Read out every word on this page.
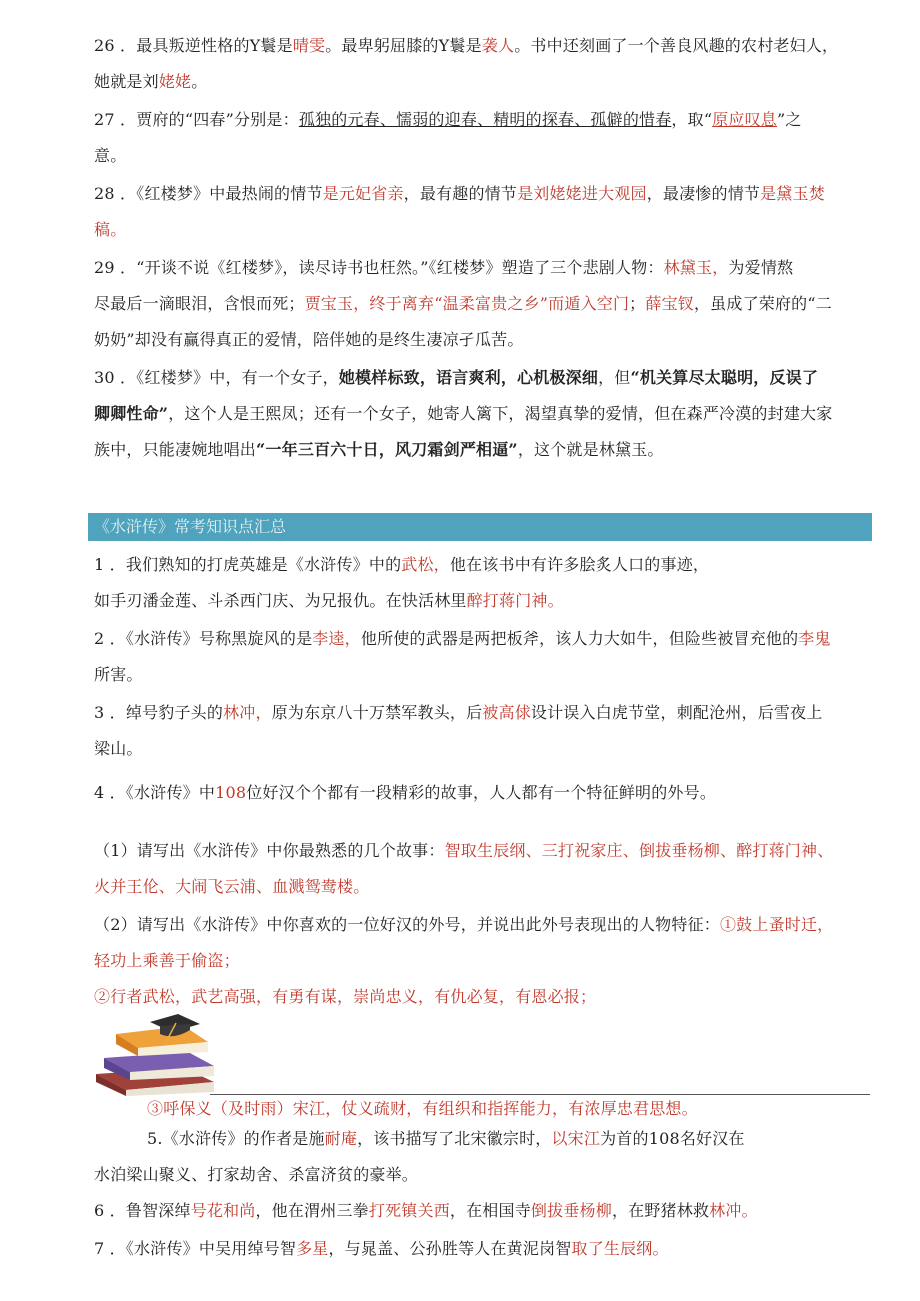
26 ．最具叛逆性格的Y鬟是晴雯。最卑躬屈膝的Y鬟是袭人。书中还刻画了一个善良风趣的农村老妇人，
她就是刘姥姥。
27 ．贾府的“四春”分别是：孤独的元春、懦弱的迎春、精明的探春、孤僻的惜春，取“原应叹息”之
意。
28 ．《红楼梦》中最热闹的情节是元妃省亲，最有趣的情节是刘姥姥进大观园，最凄惨的情节是黛玉焚
稿。
29 ．“开谈不说《红楼梦》，读尽诗书也枉然。”《红楼梦》塑造了三个悲剧人物：林黛玉，为爱情熬
尽最后一滴眼泪，含恨而死；贾宝玉，终于离弃“温柔富贵之乡”而遁入空门；薛宝钗，虽成了荣府的“二
奶奶”却没有赢得真正的爱情，陪伴她的是终生凄凉孑瓜苦。
30 ．《红楼梦》中，有一个女子，她模样标致，语言爽利，心机极深细，但“机关算尽太聪明，反误了
卿卿性命”，这个人是王熙凤；还有一个女子，她寄人篱下，渴望真挚的爱情，但在森严冷漠的封建大家
族中，只能凄婉地唱出“一年三百六十日，风刀霜剑严相逼”，这个就是林黛玉。
《水浒传》常考知识点汇总
1 ．我们熟知的打虎英雄是《水浒传》中的武松，他在该书中有许多脍炙人口的事迹，
如手刃潘金莲、斗杀西门庆、为兄报仇。在快活林里醉打蒋门神。
2 ．《水浒传》号称黑旋风的是李逵，他所使的武器是两把板斧，该人力大如牛，但险些被冒充他的李鬼
所害。
3 ．绰号豹子头的林冲，原为东京八十万禁军教头，后被高俅设计误入白虎节堂，刺配沧州，后雪夜上
梁山。
4 ．《水浒传》中108位好汉个个都有一段精彩的故事，人人都有一个特征鲜明的外号。
（1）请写出《水浒传》中你最熟悉的几个故事：智取生辰纲、三打祝家庄、倒拔垂杨柳、醉打蒋门神、
火并王伦、大闹飞云浦、血溅鸳鸯楼。
（2）请写出《水浒传》中你喜欢的一位好汉的外号，并说出此外号表现出的人物特征：①鼓上蚤时迁，
轻功上乘善于偷盗；
②行者武松，武艺高强，有勇有谋，崇尚忠义，有仇必复，有恩必报；
③呼保义（及时雨）宋江，仗义疏财，有组织和指挥能力，有浓厚忠君思想。
5.《水浒传》的作者是施耐庵，该书描写了北宋徽宗时，以宋江为首的108名好汉在
水泊梁山聚义、打家劫舍、杀富济贫的豪举。
6 ．鲁智深绰号花和尚，他在渭州三拳打死镇关西，在相国寺倒拔垂杨柳，在野猪林救林冲。
7 ．《水浒传》中吴用绰号智多星，与晁盖、公孙胜等人在黄泥岗智取了生辰纲。
